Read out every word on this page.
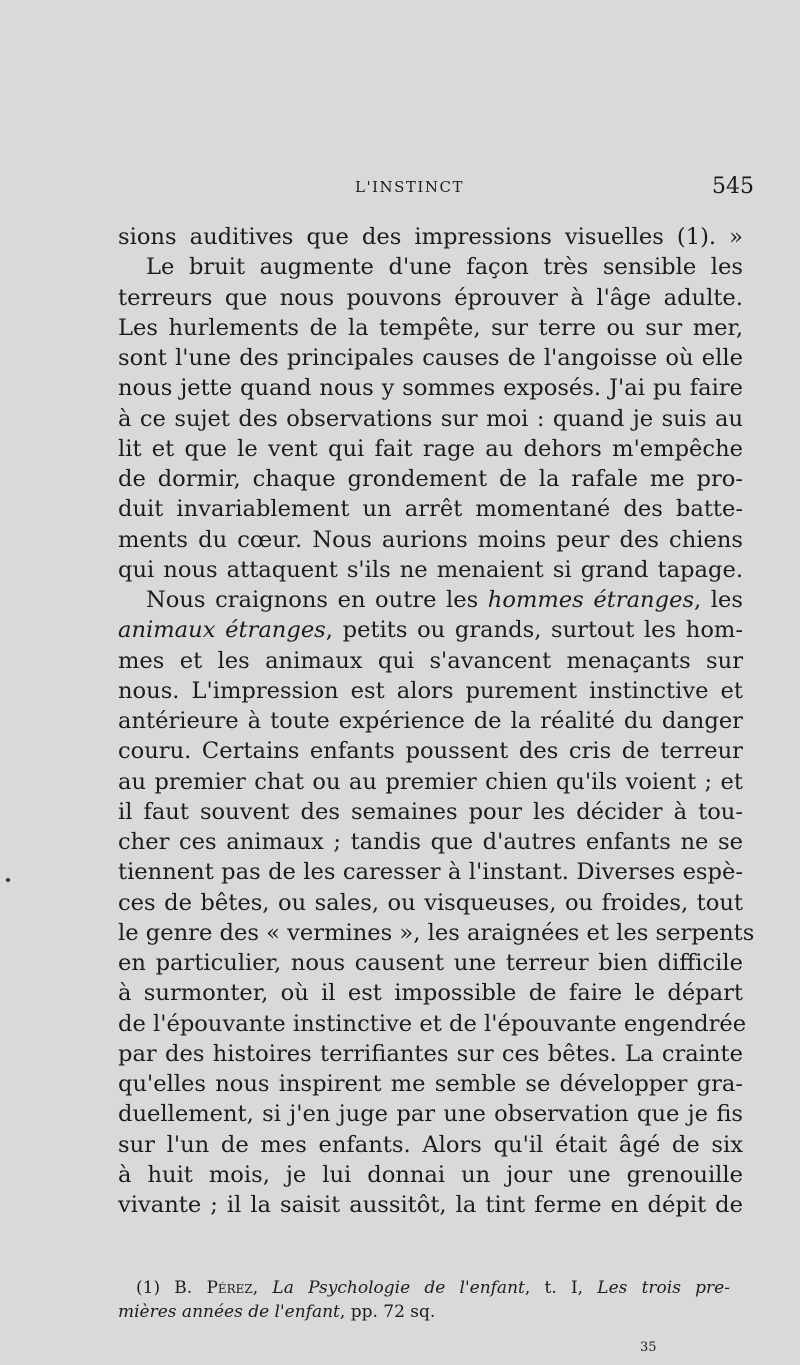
L'INSTINCT	545
sions auditives que des impressions visuelles (1). »
Le bruit augmente d'une façon très sensible les
terreurs que nous pouvons éprouver à l'âge adulte.
Les hurlements de la tempête, sur terre ou sur mer,
sont l'une des principales causes de l'angoisse où elle
nous jette quand nous y sommes exposés. J'ai pu faire
à ce sujet des observations sur moi : quand je suis au
lit et que le vent qui fait rage au dehors m'empêche
de dormir, chaque grondement de la rafale me pro-
duit invariablement un arrêt momentané des batte-
ments du cœur. Nous aurions moins peur des chiens
qui nous attaquent s'ils ne menaient si grand tapage.
Nous craignons en outre les hommes étranges, les
animaux étranges, petits ou grands, surtout les hom-
mes et les animaux qui s'avancent menaçants sur
nous. L'impression est alors purement instinctive et
antérieure à toute expérience de la réalité du danger
couru. Certains enfants poussent des cris de terreur
au premier chat ou au premier chien qu'ils voient ; et
il faut souvent des semaines pour les décider à tou-
cher ces animaux ; tandis que d'autres enfants ne se
tiennent pas de les caresser à l'instant. Diverses espè-
ces de bêtes, ou sales, ou visqueuses, ou froides, tout
le genre des « vermines », les araignées et les serpents
en particulier, nous causent une terreur bien difficile
à surmonter, où il est impossible de faire le départ
de l'épouvante instinctive et de l'épouvante engendrée
par des histoires terrifiantes sur ces bêtes. La crainte
qu'elles nous inspirent me semble se développer gra-
duellement, si j'en juge par une observation que je fis
sur l'un de mes enfants. Alors qu'il était âgé de six
à huit mois, je lui donnai un jour une grenouille
vivante ; il la saisit aussitôt, la tint ferme en dépit de
(1) B. Pérez, La Psychologie de l'enfant, t. I, Les trois pre-
mières années de l'enfant, pp. 72 sq.
35
